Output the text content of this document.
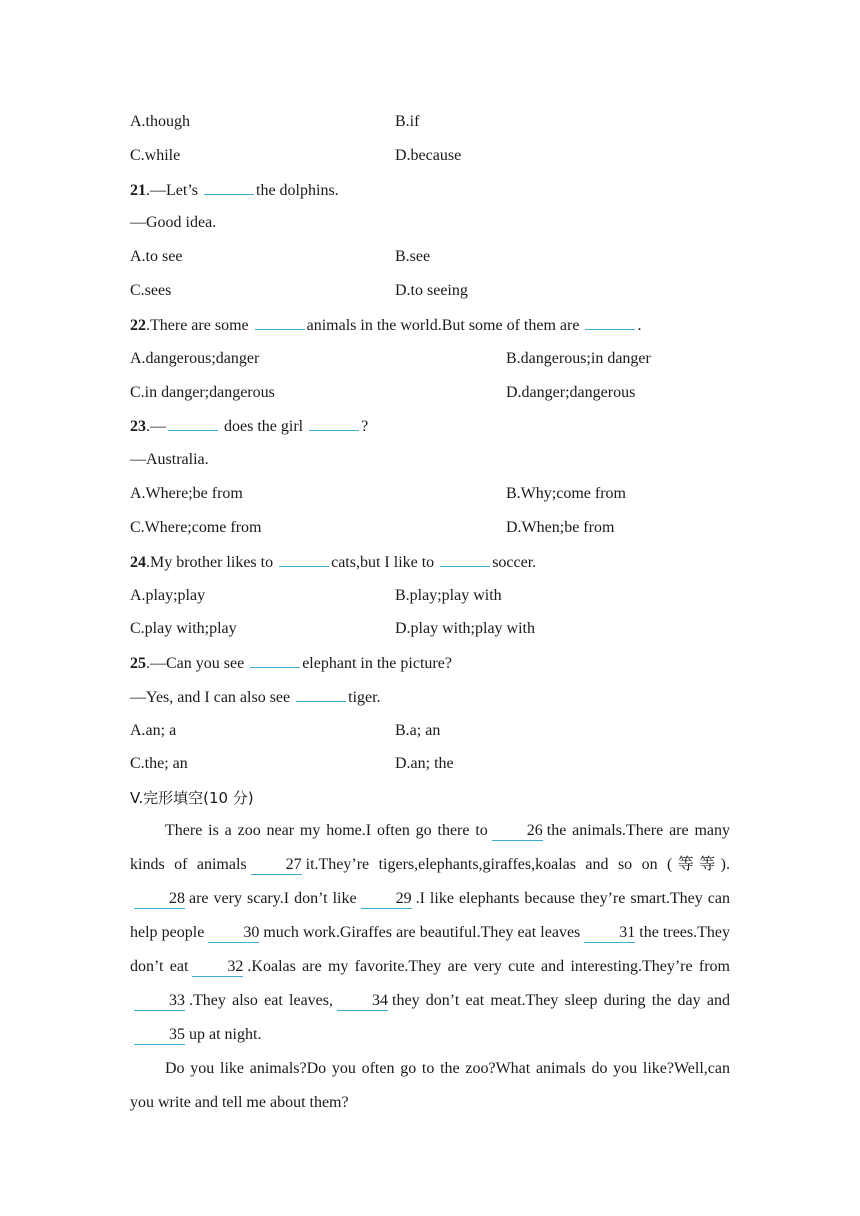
A.though	B.if
C.while	D.because
21.—Let’s	the dolphins.
—Good idea.
A.to see	B.see
C.sees	D.to seeing
22.There are some	animals in the world.But some of them are	.
A.dangerous;danger	B.dangerous;in danger
C.in danger;dangerous	D.danger;dangerous
23.—	does the girl	?
—Australia.
A.Where;be from	B.Why;come from
C.Where;come from	D.When;be from
24.My brother likes to	cats,but I like to	soccer.
A.play;play	B.play;play with
C.play with;play	D.play with;play with
25.—Can you see	elephant in the picture?
—Yes, and I can also see	tiger.
A.an; a	B.a; an
C.the; an	D.an; the
V.完形填空(10 分)

There is a zoo near my home.I often go there to 26 the animals.There are many kinds of animals 27 it.They’re tigers,elephants,giraffes,koalas and so on (等等).28 are very scary.I don’t like 29 .I like elephants because they’re smart.They can help people 30 much work.Giraffes are beautiful.They eat leaves 31 the trees.They don’t eat 32 .Koalas are my favorite.They are very cute and interesting.They’re from33 .They also eat leaves, 34 they don’t eat meat.They sleep during the day and35 up at night.

Do you like animals?Do you often go to the zoo?What animals do you like?Well,can you write and tell me about them?
